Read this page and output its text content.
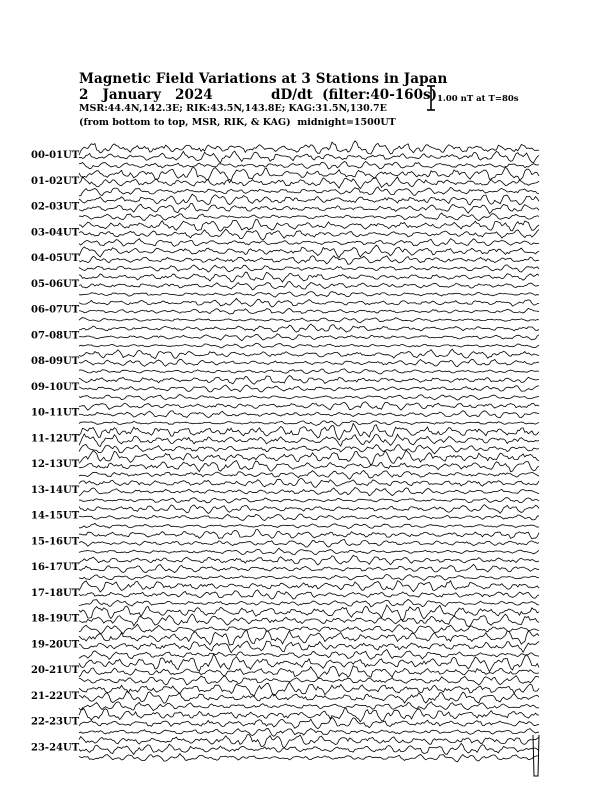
Magnetic Field Variations at 3 Stations in Japan
2   January   2024	dD/dt  (filter:40-160s)
MSR:44.4N,142.3E; RIK:43.5N,143.8E; KAG:31.5N,130.7E
(from bottom to top, MSR, RIK, & KAG)  midnight=1500UT
1.00 nT at T=80s
00-01UT
01-02UT
02-03UT
03-04UT
04-05UT
05-06UT
06-07UT
07-08UT
08-09UT
09-10UT
10-11UT
11-12UT
12-13UT
13-14UT
14-15UT
15-16UT
16-17UT
17-18UT
18-19UT
19-20UT
20-21UT
21-22UT
22-23UT
23-24UT
